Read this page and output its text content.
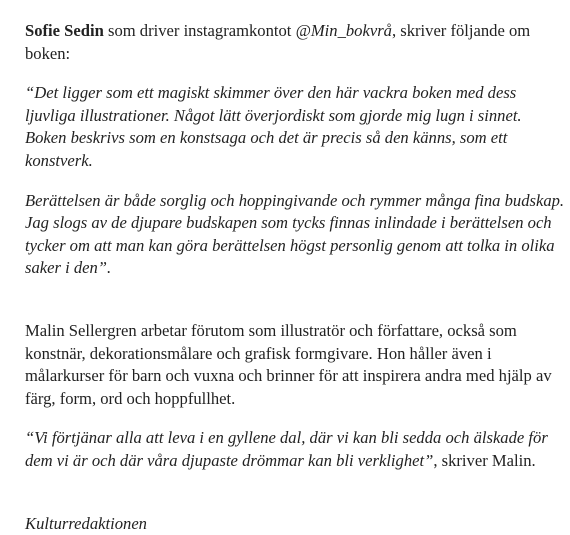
Sofie Sedin som driver instagramkontot @Min_bokvrå, skriver följande om boken:

“Det ligger som ett magiskt skimmer över den här vackra boken med dess ljuvliga illustrationer. Något lätt överjordiskt som gjorde mig lugn i sinnet. Boken beskrivs som en konstsaga och det är precis så den känns, som ett konstverk.

Berättelsen är både sorglig och hoppingivande och rymmer många fina budskap. Jag slogs av de djupare budskapen som tycks finnas inlindade i berättelsen och tycker om att man kan göra berättelsen högst personlig genom att tolka in olika saker i den”.

Malin Sellergren arbetar förutom som illustratör och författare, också som konstnär, dekorationsmålare och grafisk formgivare. Hon håller även i målarkurser för barn och vuxna och brinner för att inspirera andra med hjälp av färg, form, ord och hoppfullhet.

“Vi förtjänar alla att leva i en gyllene dal, där vi kan bli sedda och älskade för dem vi är och där våra djupaste drömmar kan bli verklighet”, skriver Malin.

Kulturredaktionen
